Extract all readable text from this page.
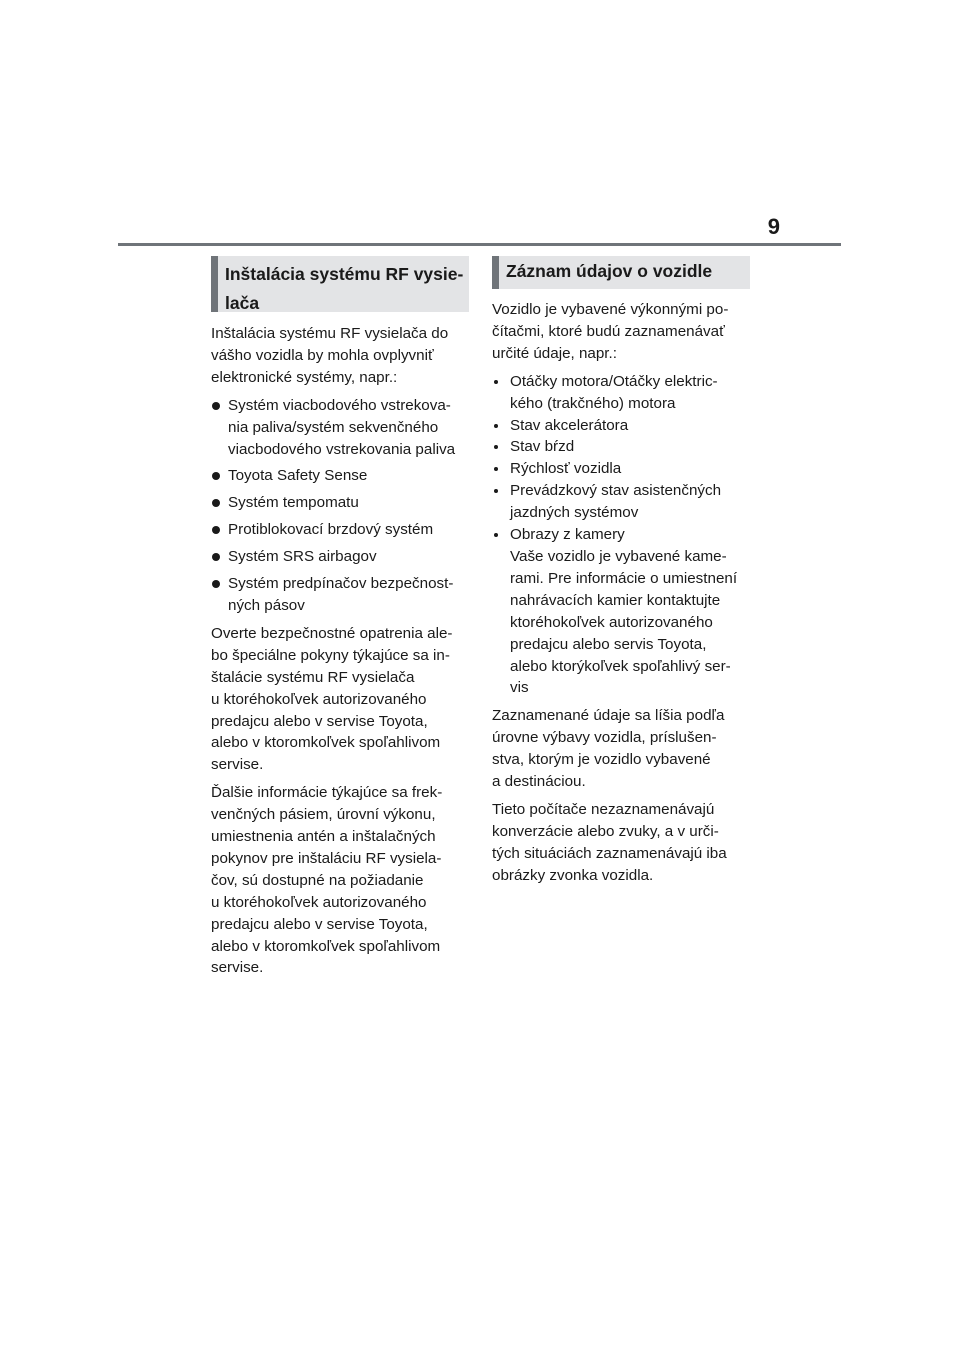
9
Inštalácia systému RF vysie-
lača

Inštalácia systému RF vysielača do
vášho vozidla by mohla ovplyvniť
elektronické systémy, napr.:

Systém viacbodového vstrekova-
nia paliva/systém sekvenčného
viacbodového vstrekovania paliva
Toyota Safety Sense
Systém tempomatu
Protiblokovací brzdový systém
Systém SRS airbagov
Systém predpínačov bezpečnost-
ných pásov

Overte bezpečnostné opatrenia ale-
bo špeciálne pokyny týkajúce sa in-
štalácie systému RF vysielača
u ktoréhokoľvek autorizovaného
predajcu alebo v servise Toyota,
alebo v ktoromkoľvek spoľahlivom
servise.

Ďalšie informácie týkajúce sa frek-
venčných pásiem, úrovní výkonu,
umiestnenia antén a inštalačných
pokynov pre inštaláciu RF vysiela-
čov, sú dostupné na požiadanie
u ktoréhokoľvek autorizovaného
predajcu alebo v servise Toyota,
alebo v ktoromkoľvek spoľahlivom
servise.

Záznam údajov o vozidle

Vozidlo je vybavené výkonnými po-
čítačmi, ktoré budú zaznamenávať
určité údaje, napr.:

Otáčky motora/Otáčky elektric-
kého (trakčného) motora
Stav akcelerátora
Stav bŕzd
Rýchlosť vozidla
Prevádzkový stav asistenčných
jazdných systémov
Obrazy z kamery
Vaše vozidlo je vybavené kame-
rami. Pre informácie o umiestnení
nahrávacích kamier kontaktujte
ktoréhokoľvek autorizovaného
predajcu alebo servis Toyota,
alebo ktorýkoľvek spoľahlivý ser-
vis

Zaznamenané údaje sa líšia podľa
úrovne výbavy vozidla, príslušen-
stva, ktorým je vozidlo vybavené
a destináciou.

Tieto počítače nezaznamenávajú
konverzácie alebo zvuky, a v urči-
tých situáciách zaznamenávajú iba
obrázky zvonka vozidla.
